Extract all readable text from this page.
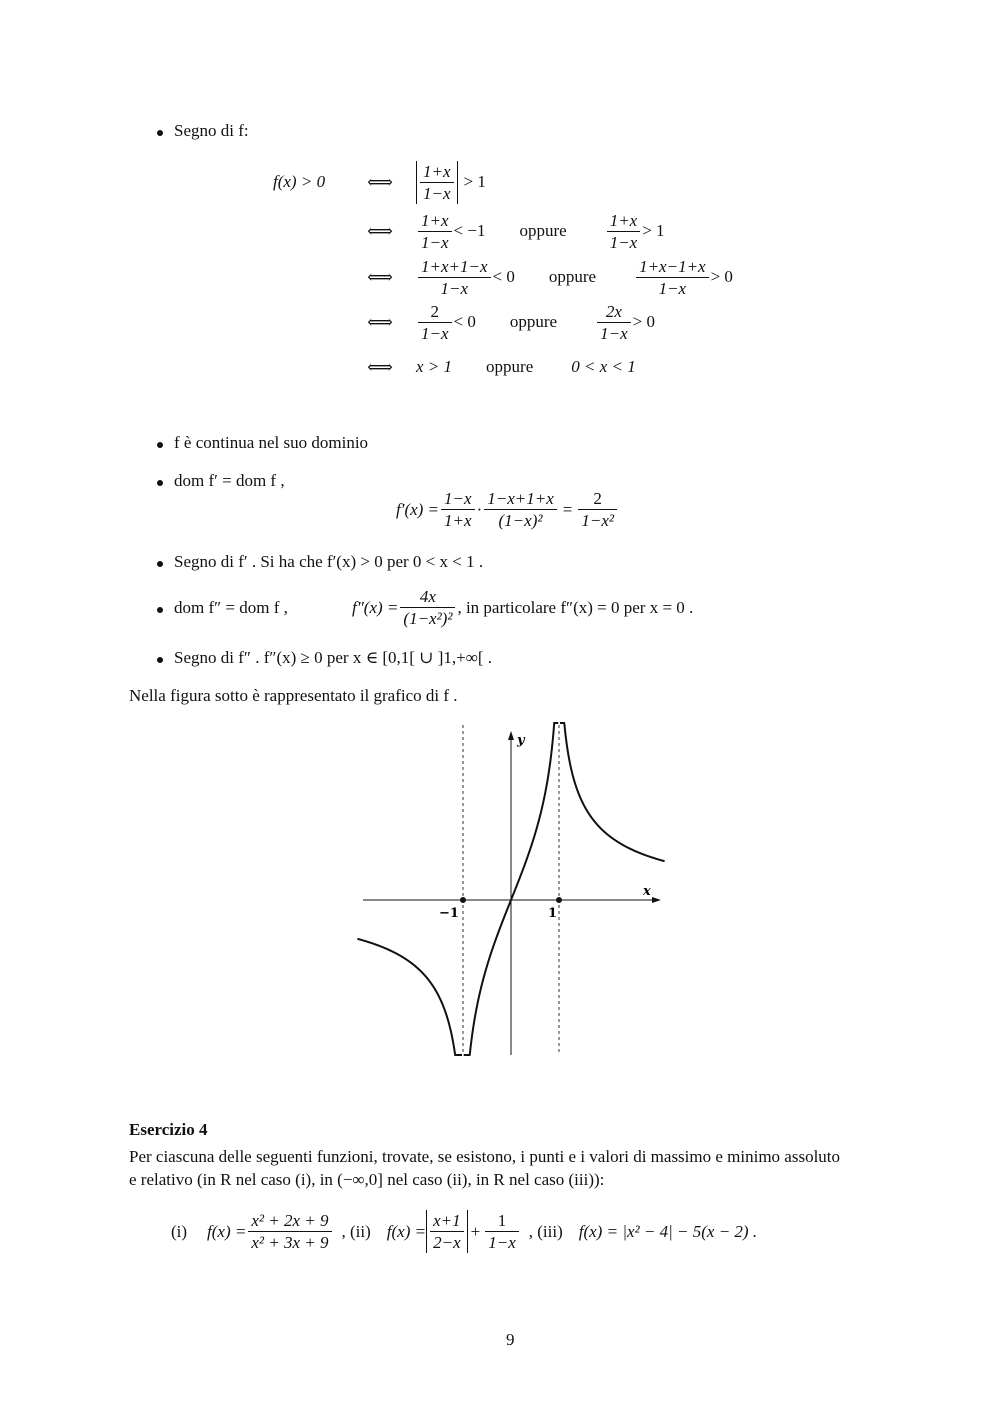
Segno di f:
f(x) > 0	⟺	$\frac{1+x}{1-x} > 1$
⟺	$\frac{1+x}{1-x} < -1$ oppure $\frac{1+x}{1-x} > 1$
⟺	$\frac{1+x+1-x}{1-x} < 0$ oppure $\frac{1+x-1+x}{1-x} > 0$
⟺	$\frac{2}{1-x} < 0$ oppure $\frac{2x}{1-x} > 0$
⟺	x > 1 oppure 0 < x < 1
f è continua nel suo dominio
dom f′ = dom f ,
$f'(x) = \frac{1-x}{1+x} \cdot \frac{1-x+1+x}{\text{(1−x)²}} = \frac{2}{\text{1−x²}}$
Segno di f′ . Si ha che f′(x) > 0 per 0 < x < 1 .
dom f″ = dom f ,	$f''(x) = \frac{4x}{\text{(1−x²)²}}$ , in particolare f″(x) = 0 per x = 0 .
Segno di f″ . f″(x) ≥ 0 per x ∈ [0,1[ ∪ ]1,+∞[ .
Nella figura sotto è rappresentato il grafico di f .
−1	1
x
y
Esercizio 4
Per ciascuna delle seguenti funzioni, trovate, se esistono, i punti e i valori di massimo e minimo assoluto
e relativo (in R nel caso (i), in (−∞,0] nel caso (ii), in R nel caso (iii)):
(i) $f(x) = \frac{\text{x² + 2x + 9}}{\text{x² + 3x + 9}}$ , (ii) $f(x) = \frac{x+1}{2-x} + \frac{1}{1-x}$ , (iii) f(x) = |x² − 4| − 5(x − 2) .
9
